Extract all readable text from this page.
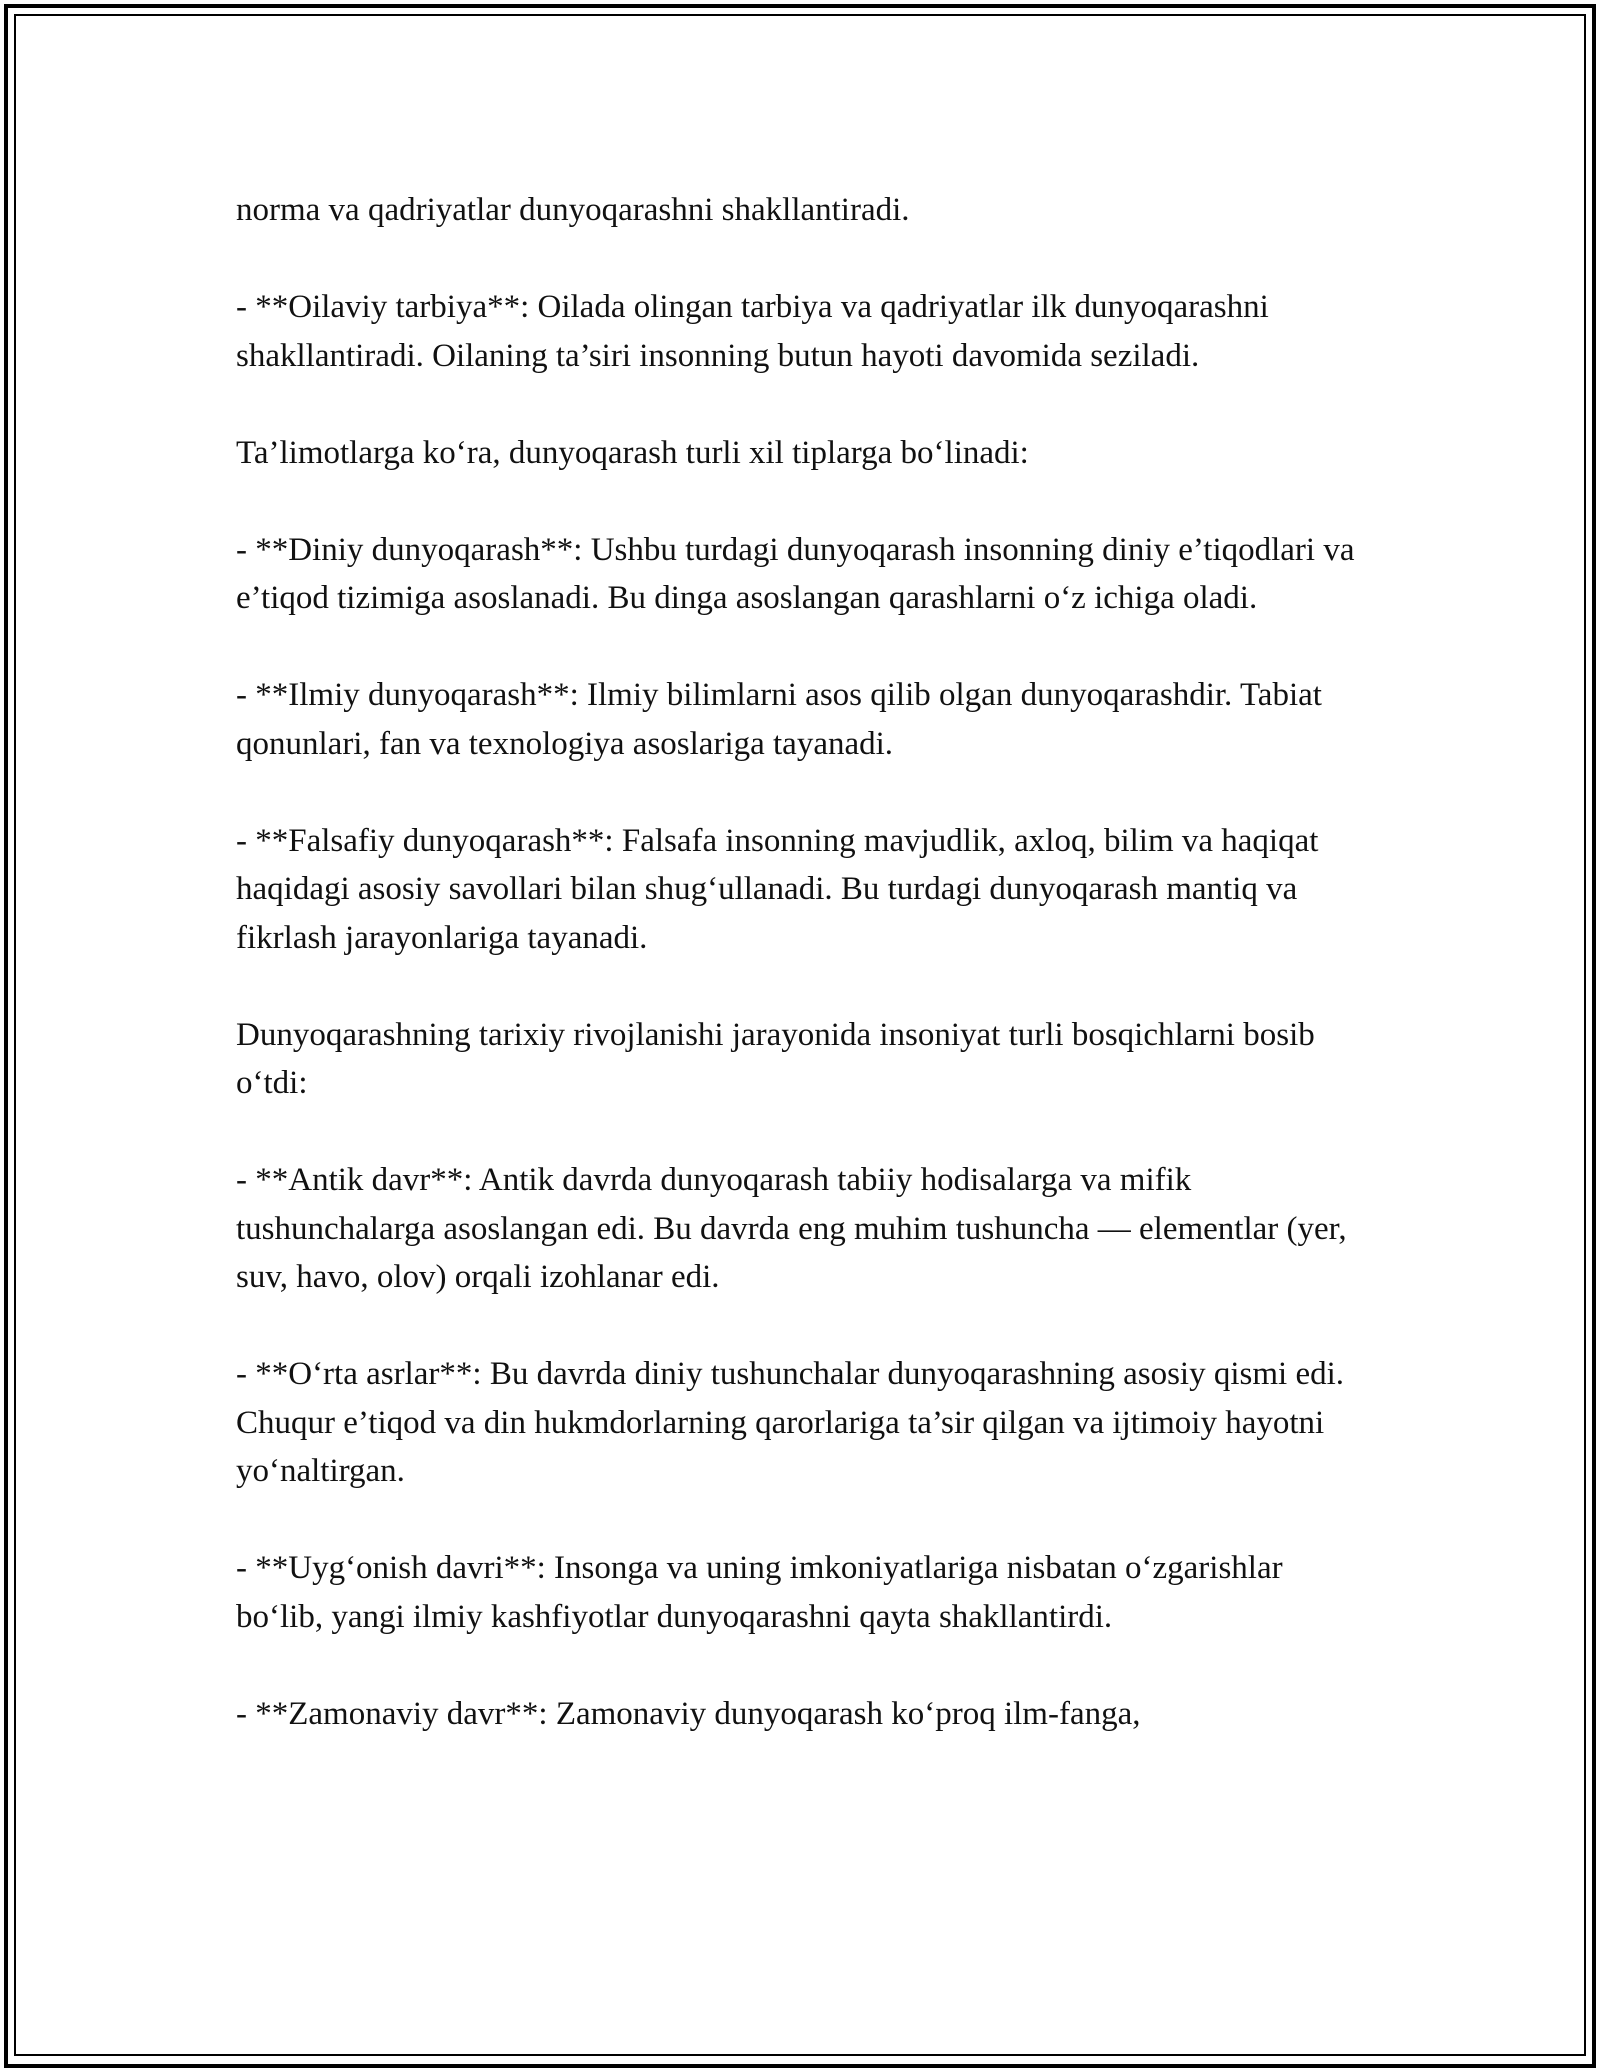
norma va qadriyatlar dunyoqarashni shakllantiradi.

- **Oilaviy tarbiya**: Oilada olingan tarbiya va qadriyatlar ilk dunyoqarashni shakllantiradi. Oilaning ta’siri insonning butun hayoti davomida seziladi.

Ta’limotlarga ko‘ra, dunyoqarash turli xil tiplarga bo‘linadi:

- **Diniy dunyoqarash**: Ushbu turdagi dunyoqarash insonning diniy e’tiqodlari va e’tiqod tizimiga asoslanadi. Bu dinga asoslangan qarashlarni o‘z ichiga oladi.

- **Ilmiy dunyoqarash**: Ilmiy bilimlarni asos qilib olgan dunyoqarashdir. Tabiat qonunlari, fan va texnologiya asoslariga tayanadi.

- **Falsafiy dunyoqarash**: Falsafa insonning mavjudlik, axloq, bilim va haqiqat haqidagi asosiy savollari bilan shug‘ullanadi. Bu turdagi dunyoqarash mantiq va fikrlash jarayonlariga tayanadi.

Dunyoqarashning tarixiy rivojlanishi jarayonida insoniyat turli bosqichlarni bosib o‘tdi:

- **Antik davr**: Antik davrda dunyoqarash tabiiy hodisalarga va mifik tushunchalarga asoslangan edi. Bu davrda eng muhim tushuncha — elementlar (yer, suv, havo, olov) orqali izohlanar edi.

- **O‘rta asrlar**: Bu davrda diniy tushunchalar dunyoqarashning asosiy qismi edi. Chuqur e’tiqod va din hukmdorlarning qarorlariga ta’sir qilgan va ijtimoiy hayotni yo‘naltirgan.

- **Uyg‘onish davri**: Insonga va uning imkoniyatlariga nisbatan o‘zgarishlar bo‘lib, yangi ilmiy kashfiyotlar dunyoqarashni qayta shakllantirdi.

- **Zamonaviy davr**: Zamonaviy dunyoqarash ko‘proq ilm-fanga,
